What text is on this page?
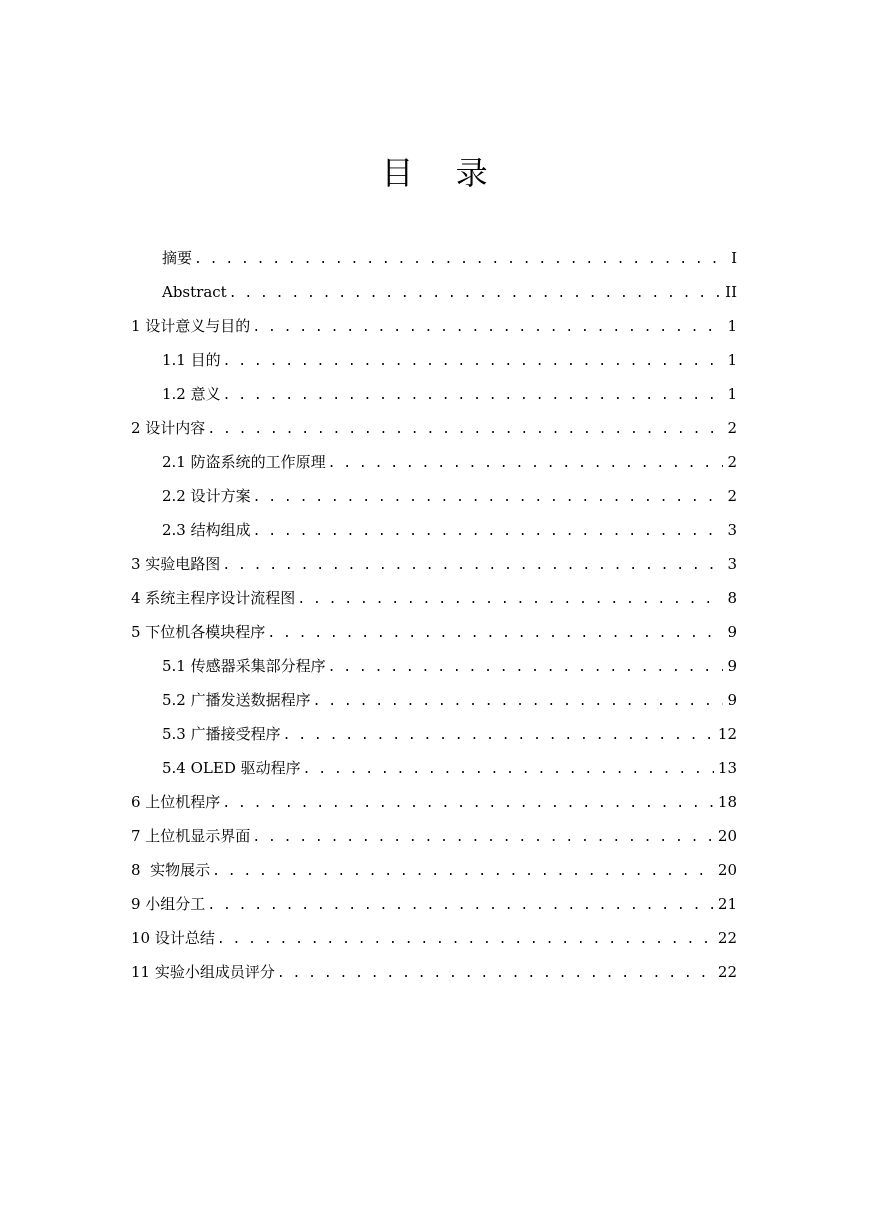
目 录
摘要 . . .	I
Abstract . . .	II
1 设计意义与目的 . . .	1
1.1 目的 . . .	1
1.2 意义 . . .	1
2 设计内容 . . .	2
2.1 防盗系统的工作原理 . . .	2
2.2 设计方案 . . .	2
2.3 结构组成 . . .	3
3 实验电路图 . . .	3
4 系统主程序设计流程图 . . .	8
5 下位机各模块程序 . . .	9
5.1 传感器采集部分程序 . . .	9
5.2 广播发送数据程序 . . .	9
5.3 广播接受程序 . . .	12
5.4 OLED 驱动程序 . . .	13
6 上位机程序 . . .	18
7 上位机显示界面 . . .	20
8  实物展示 . . .	20
9 小组分工 . . .	21
10 设计总结 . . .	22
11 实验小组成员评分 . . .	22
